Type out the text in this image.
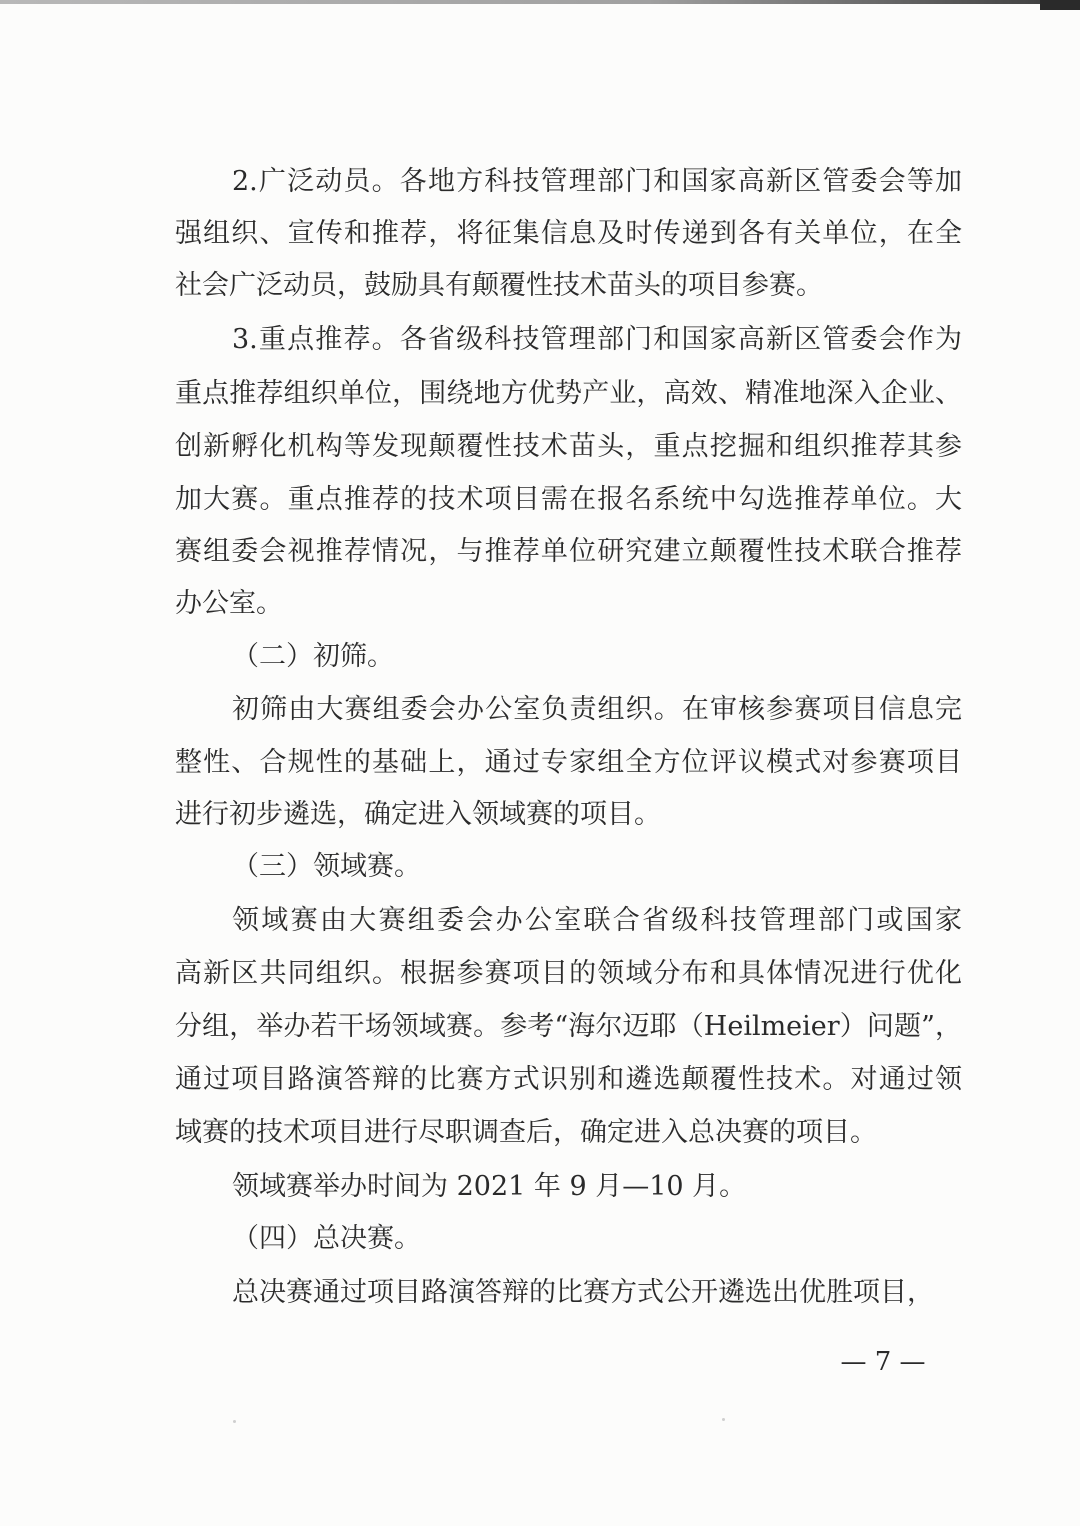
2.广泛动员。各地方科技管理部门和国家高新区管委会等加
强组织、宣传和推荐，将征集信息及时传递到各有关单位，在全
社会广泛动员，鼓励具有颠覆性技术苗头的项目参赛。
3.重点推荐。各省级科技管理部门和国家高新区管委会作为
重点推荐组织单位，围绕地方优势产业，高效、精准地深入企业、
创新孵化机构等发现颠覆性技术苗头，重点挖掘和组织推荐其参
加大赛。重点推荐的技术项目需在报名系统中勾选推荐单位。大
赛组委会视推荐情况，与推荐单位研究建立颠覆性技术联合推荐
办公室。
（二）初筛。
初筛由大赛组委会办公室负责组织。在审核参赛项目信息完
整性、合规性的基础上，通过专家组全方位评议模式对参赛项目
进行初步遴选，确定进入领域赛的项目。
（三）领域赛。
领域赛由大赛组委会办公室联合省级科技管理部门或国家
高新区共同组织。根据参赛项目的领域分布和具体情况进行优化
分组，举办若干场领域赛。参考“海尔迈耶（Heilmeier）问题”，
通过项目路演答辩的比赛方式识别和遴选颠覆性技术。对通过领
域赛的技术项目进行尽职调查后，确定进入总决赛的项目。
领域赛举办时间为 2021 年 9 月—10 月。
（四）总决赛。
总决赛通过项目路演答辩的比赛方式公开遴选出优胜项目，
— 7 —
